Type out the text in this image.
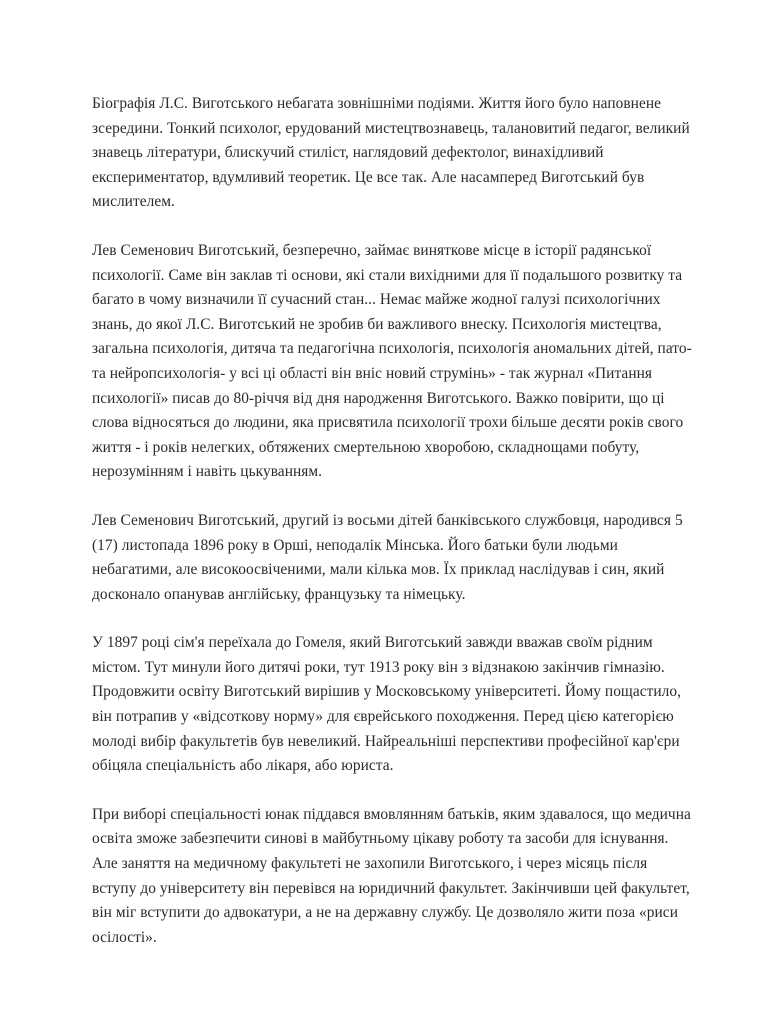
Біографія Л.С. Виготського небагата зовнішніми подіями. Життя його було наповнене зсередини. Тонкий психолог, ерудований мистецтвознавець, талановитий педагог, великий знавець літератури, блискучий стиліст, наглядовий дефектолог, винахідливий експериментатор, вдумливий теоретик. Це все так. Але насамперед Виготський був мислителем.

Лев Семенович Виготський, безперечно, займає виняткове місце в історії радянської психології. Саме він заклав ті основи, які стали вихідними для її подальшого розвитку та багато в чому визначили її сучасний стан... Немає майже жодної галузі психологічних знань, до якої Л.С. Виготський не зробив би важливого внеску. Психологія мистецтва, загальна психологія, дитяча та педагогічна психологія, психологія аномальних дітей, пато- та нейропсихологія- у всі ці області він вніс новий струмінь» - так журнал «Питання психології» писав до 80-річчя від дня народження Виготського. Важко повірити, що ці слова відносяться до людини, яка присвятила психології трохи більше десяти років свого життя - і років нелегких, обтяжених смертельною хворобою, складнощами побуту, нерозумінням і навіть цькуванням.

Лев Семенович Виготський, другий із восьми дітей банківського службовця, народився 5 (17) листопада 1896 року в Орші, неподалік Мінська. Його батьки були людьми небагатими, але високоосвіченими, мали кілька мов. Їх приклад наслідував і син, який досконало опанував англійську, французьку та німецьку.

У 1897 році сім'я переїхала до Гомеля, який Виготський завжди вважав своїм рідним містом. Тут минули його дитячі роки, тут 1913 року він з відзнакою закінчив гімназію. Продовжити освіту Виготський вирішив у Московському університеті. Йому пощастило, він потрапив у «відсоткову норму» для єврейського походження. Перед цією категорією молоді вибір факультетів був невеликий. Найреальніші перспективи професійної кар'єри обіцяла спеціальність або лікаря, або юриста.

При виборі спеціальності юнак піддався вмовлянням батьків, яким здавалося, що медична освіта зможе забезпечити синові в майбутньому цікаву роботу та засоби для існування. Але заняття на медичному факультеті не захопили Виготського, і через місяць після вступу до університету він перевівся на юридичний факультет. Закінчивши цей факультет, він міг вступити до адвокатури, а не на державну службу. Це дозволяло жити поза «риси осілості».
